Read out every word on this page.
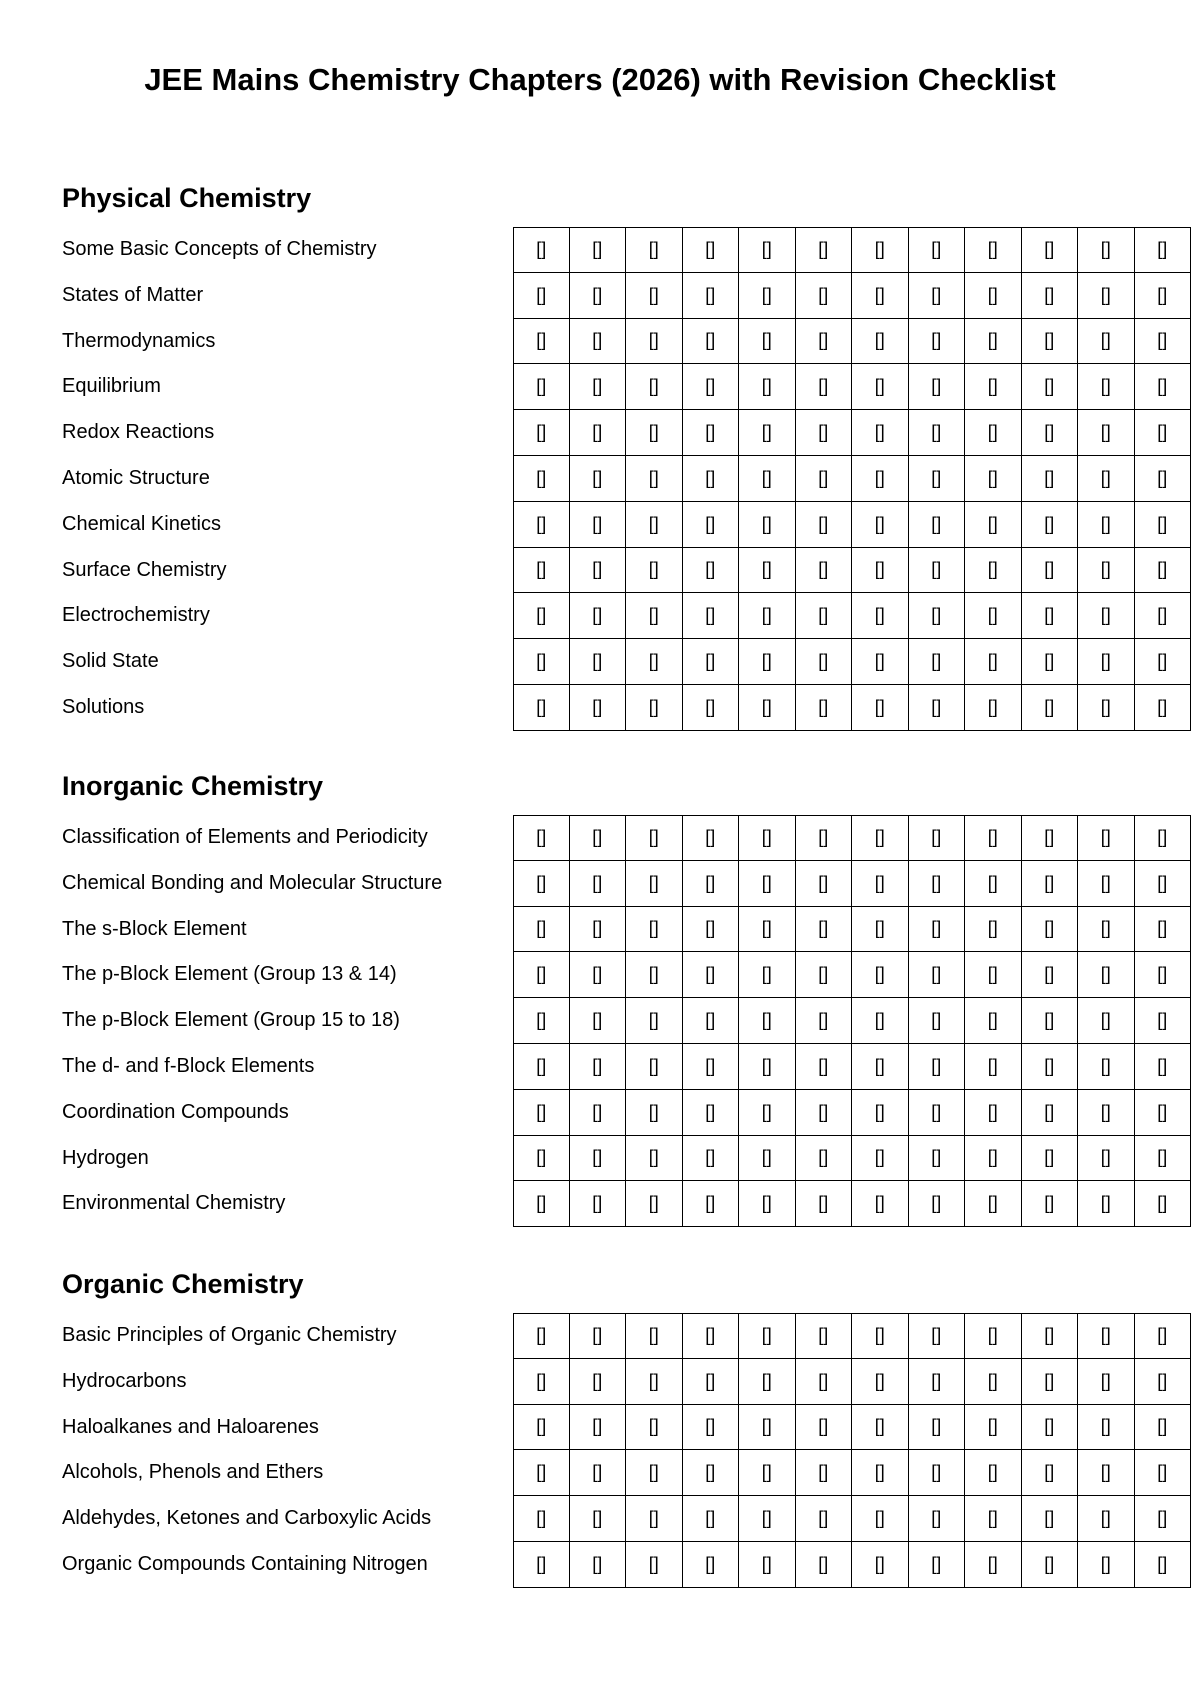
JEE Mains Chemistry Chapters (2026) with Revision Checklist
Physical Chemistry
Some Basic Concepts of Chemistry	[]	[]	[]	[]	[]	[]	[]	[]	[]	[]	[]	[]
States of Matter	[]	[]	[]	[]	[]	[]	[]	[]	[]	[]	[]	[]
Thermodynamics	[]	[]	[]	[]	[]	[]	[]	[]	[]	[]	[]	[]
Equilibrium	[]	[]	[]	[]	[]	[]	[]	[]	[]	[]	[]	[]
Redox Reactions	[]	[]	[]	[]	[]	[]	[]	[]	[]	[]	[]	[]
Atomic Structure	[]	[]	[]	[]	[]	[]	[]	[]	[]	[]	[]	[]
Chemical Kinetics	[]	[]	[]	[]	[]	[]	[]	[]	[]	[]	[]	[]
Surface Chemistry	[]	[]	[]	[]	[]	[]	[]	[]	[]	[]	[]	[]
Electrochemistry	[]	[]	[]	[]	[]	[]	[]	[]	[]	[]	[]	[]
Solid State	[]	[]	[]	[]	[]	[]	[]	[]	[]	[]	[]	[]
Solutions	[]	[]	[]	[]	[]	[]	[]	[]	[]	[]	[]	[]
Inorganic Chemistry
Classification of Elements and Periodicity	[]	[]	[]	[]	[]	[]	[]	[]	[]	[]	[]	[]
Chemical Bonding and Molecular Structure	[]	[]	[]	[]	[]	[]	[]	[]	[]	[]	[]	[]
The s-Block Element	[]	[]	[]	[]	[]	[]	[]	[]	[]	[]	[]	[]
The p-Block Element (Group 13 & 14)	[]	[]	[]	[]	[]	[]	[]	[]	[]	[]	[]	[]
The p-Block Element (Group 15 to 18)	[]	[]	[]	[]	[]	[]	[]	[]	[]	[]	[]	[]
The d- and f-Block Elements	[]	[]	[]	[]	[]	[]	[]	[]	[]	[]	[]	[]
Coordination Compounds	[]	[]	[]	[]	[]	[]	[]	[]	[]	[]	[]	[]
Hydrogen	[]	[]	[]	[]	[]	[]	[]	[]	[]	[]	[]	[]
Environmental Chemistry	[]	[]	[]	[]	[]	[]	[]	[]	[]	[]	[]	[]
Organic Chemistry
Basic Principles of Organic Chemistry	[]	[]	[]	[]	[]	[]	[]	[]	[]	[]	[]	[]
Hydrocarbons	[]	[]	[]	[]	[]	[]	[]	[]	[]	[]	[]	[]
Haloalkanes and Haloarenes	[]	[]	[]	[]	[]	[]	[]	[]	[]	[]	[]	[]
Alcohols, Phenols and Ethers	[]	[]	[]	[]	[]	[]	[]	[]	[]	[]	[]	[]
Aldehydes, Ketones and Carboxylic Acids	[]	[]	[]	[]	[]	[]	[]	[]	[]	[]	[]	[]
Organic Compounds Containing Nitrogen	[]	[]	[]	[]	[]	[]	[]	[]	[]	[]	[]	[]
